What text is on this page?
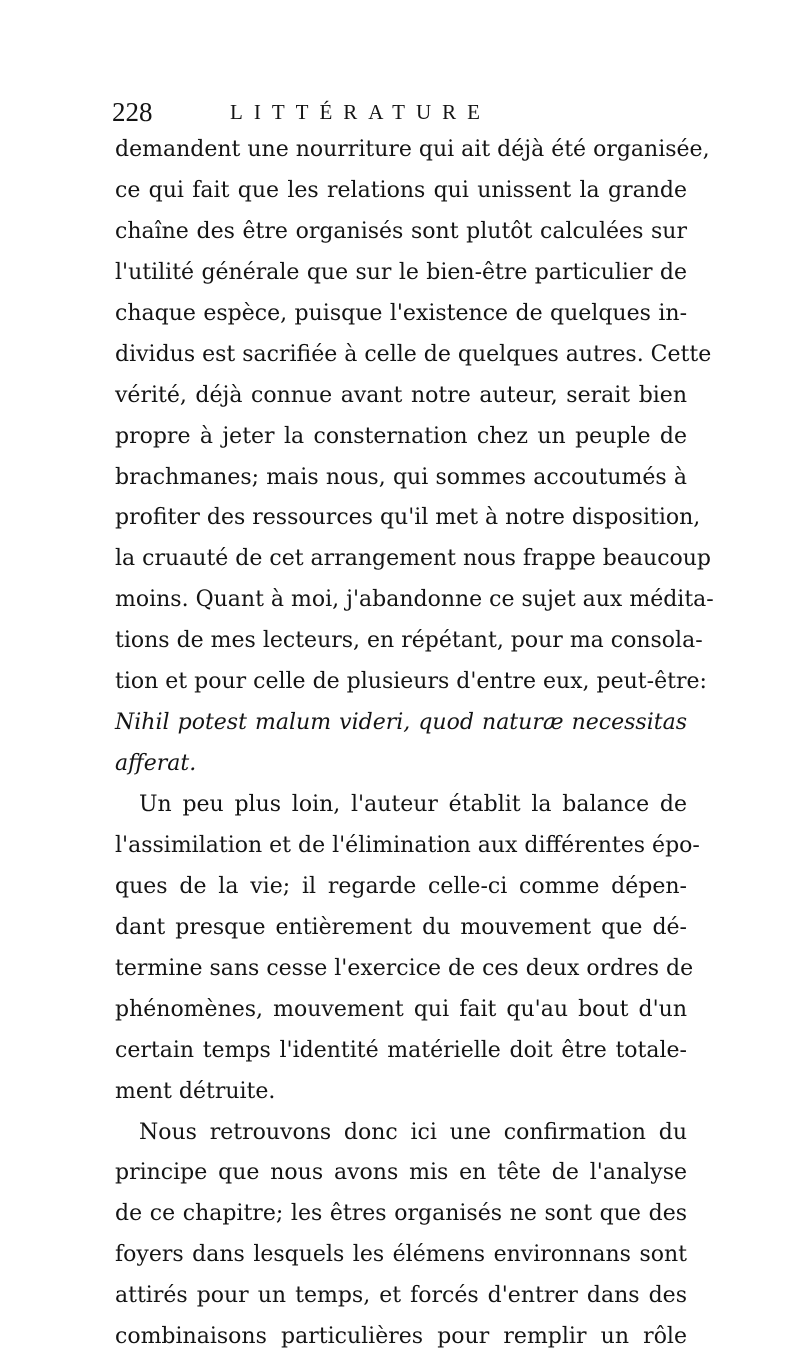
228	LITTÉRATURE
demandent une nourriture qui ait déjà été organisée,
ce qui fait que les relations qui unissent la grande
chaîne des être organisés sont plutôt calculées sur
l'utilité générale que sur le bien-être particulier de
chaque espèce, puisque l'existence de quelques in-
dividus est sacrifiée à celle de quelques autres. Cette
vérité, déjà connue avant notre auteur, serait bien
propre à jeter la consternation chez un peuple de
brachmanes; mais nous, qui sommes accoutumés à
profiter des ressources qu'il met à notre disposition,
la cruauté de cet arrangement nous frappe beaucoup
moins. Quant à moi, j'abandonne ce sujet aux médita-
tions de mes lecteurs, en répétant, pour ma consola-
tion et pour celle de plusieurs d'entre eux, peut-être:
Nihil potest malum videri, quod naturæ necessitas
afferat.
Un peu plus loin, l'auteur établit la balance de
l'assimilation et de l'élimination aux différentes épo-
ques de la vie; il regarde celle-ci comme dépen-
dant presque entièrement du mouvement que dé-
termine sans cesse l'exercice de ces deux ordres de
phénomènes, mouvement qui fait qu'au bout d'un
certain temps l'identité matérielle doit être totale-
ment détruite.
Nous retrouvons donc ici une confirmation du
principe que nous avons mis en tête de l'analyse
de ce chapitre; les êtres organisés ne sont que des
foyers dans lesquels les élémens environnans sont
attirés pour un temps, et forcés d'entrer dans des
combinaisons particulières pour remplir un rôle
